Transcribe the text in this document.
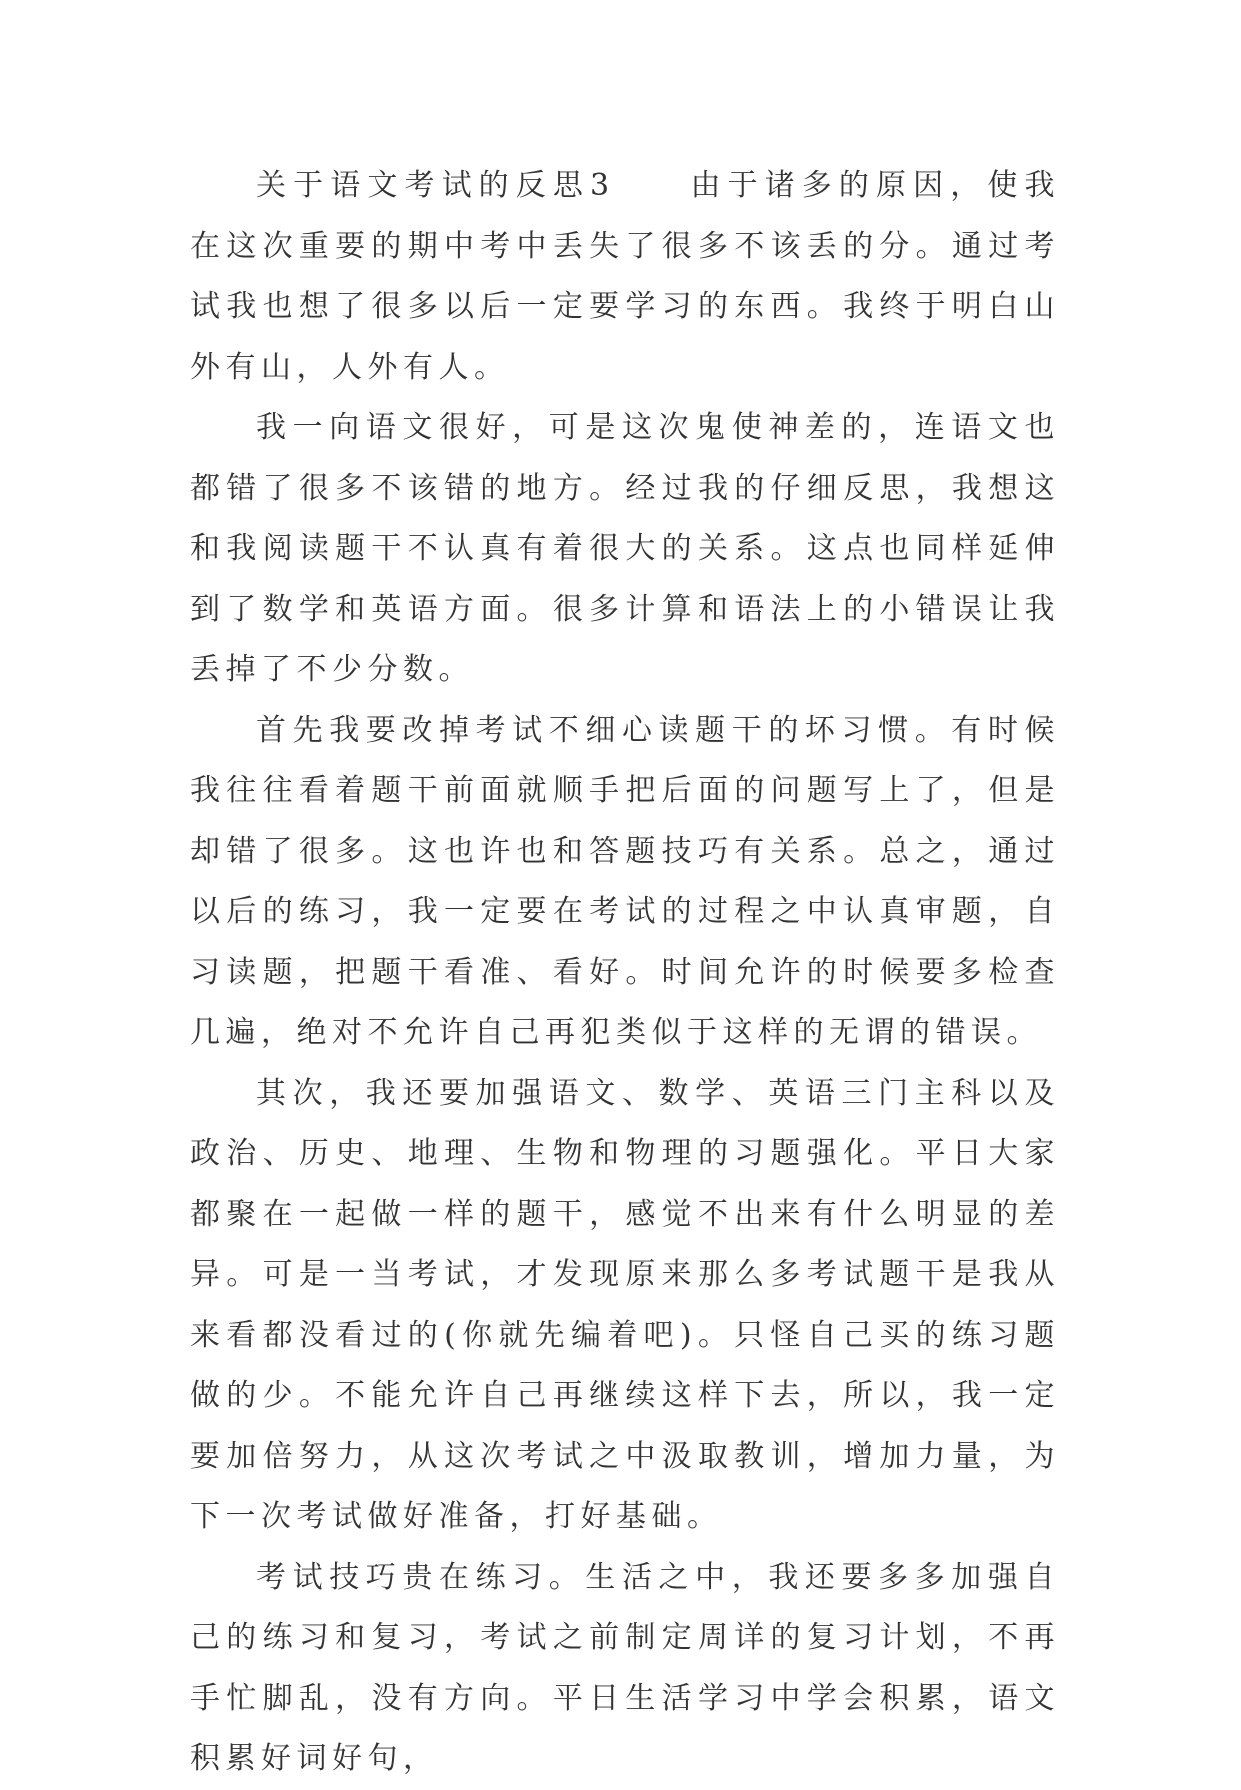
关于语文考试的反思3　　由于诸多的原因，使我在这次重要的期中考中丢失了很多不该丢的分。通过考试我也想了很多以后一定要学习的东西。我终于明白山外有山，人外有人。

我一向语文很好，可是这次鬼使神差的，连语文也都错了很多不该错的地方。经过我的仔细反思，我想这和我阅读题干不认真有着很大的关系。这点也同样延伸到了数学和英语方面。很多计算和语法上的小错误让我丢掉了不少分数。

首先我要改掉考试不细心读题干的坏习惯。有时候我往往看着题干前面就顺手把后面的问题写上了，但是却错了很多。这也许也和答题技巧有关系。总之，通过以后的练习，我一定要在考试的过程之中认真审题，自习读题，把题干看准、看好。时间允许的时候要多检查几遍，绝对不允许自己再犯类似于这样的无谓的错误。

其次，我还要加强语文、数学、英语三门主科以及政治、历史、地理、生物和物理的习题强化。平日大家都聚在一起做一样的题干，感觉不出来有什么明显的差异。可是一当考试，才发现原来那么多考试题干是我从来看都没看过的(你就先编着吧)。只怪自己买的练习题做的少。不能允许自己再继续这样下去，所以，我一定要加倍努力，从这次考试之中汲取教训，增加力量，为下一次考试做好准备，打好基础。

考试技巧贵在练习。生活之中，我还要多多加强自己的练习和复习，考试之前制定周详的复习计划，不再手忙脚乱，没有方向。平日生活学习中学会积累，语文积累好词好句，
